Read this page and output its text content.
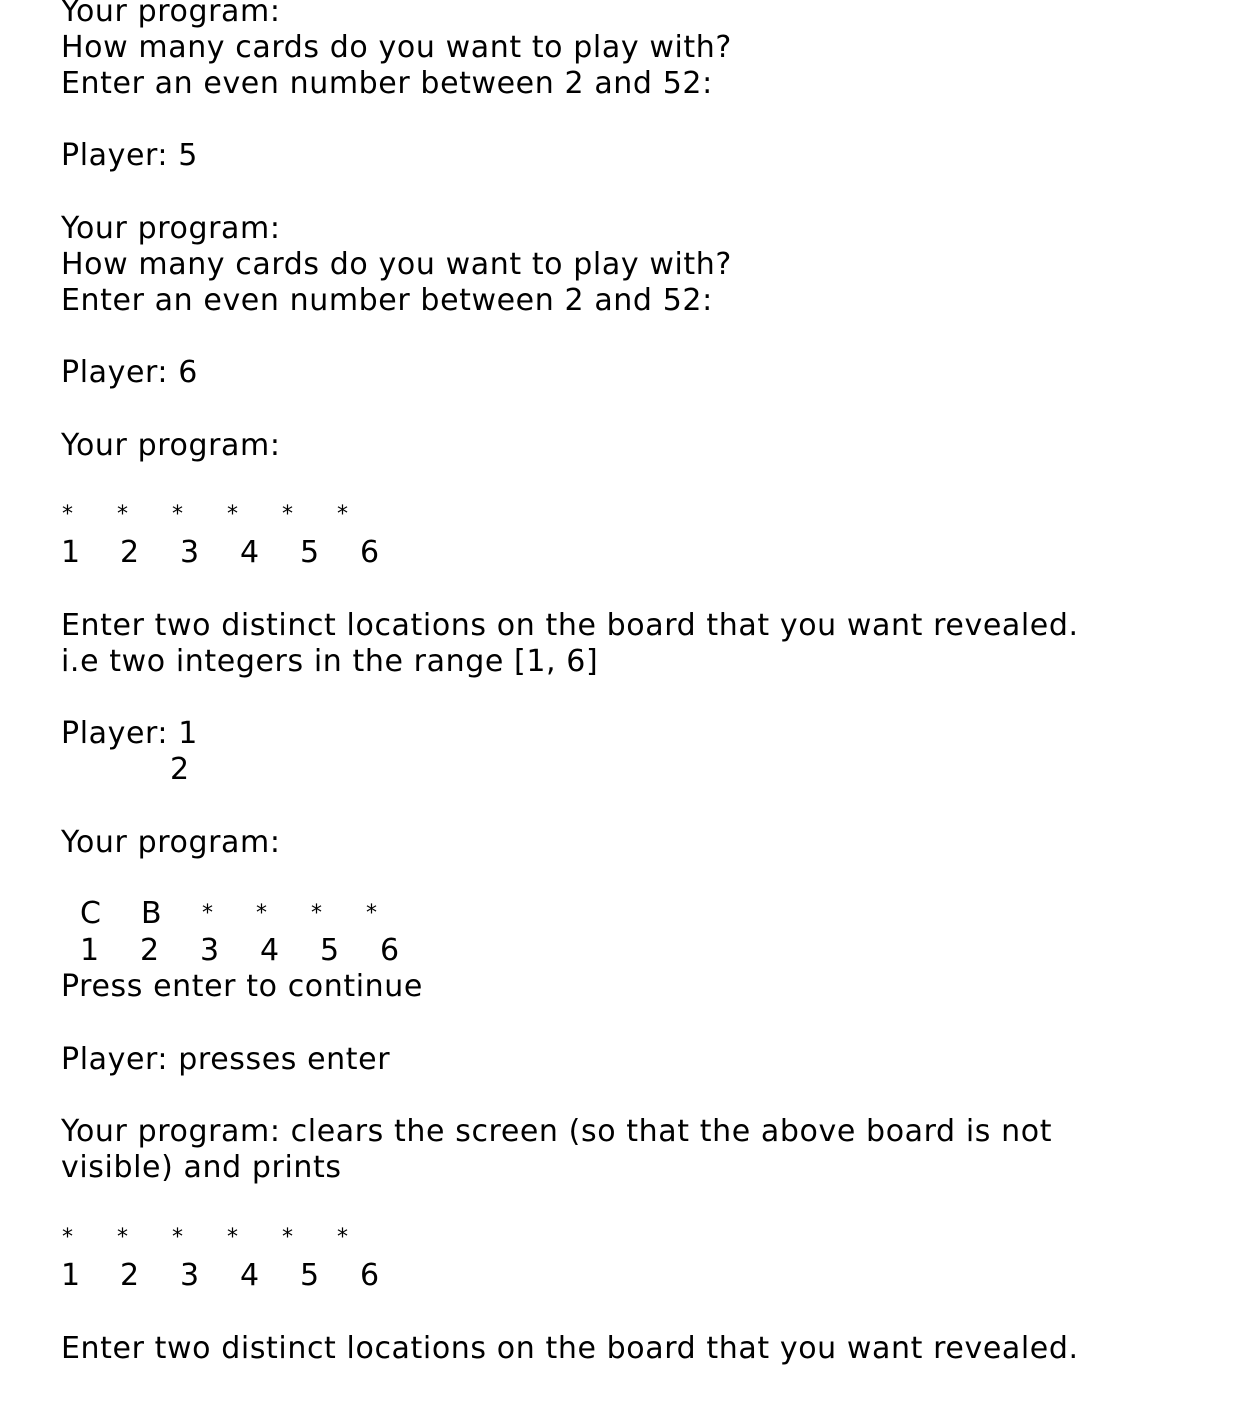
Your program:
How many cards do you want to play with?
Enter an even number between 2 and 52:
Player: 5
Your program:
How many cards do you want to play with?
Enter an even number between 2 and 52:
Player: 6
Your program:
* * * * * *
1 2 3 4 5 6
Enter two distinct locations on the board that you want revealed.
i.e two integers in the range [1, 6]
Player: 1
2
Your program:
C B * * * *
1 2 3 4 5 6
Press enter to continue
Player: presses enter
Your program: clears the screen (so that the above board is not
visible) and prints
* * * * * *
1 2 3 4 5 6
Enter two distinct locations on the board that you want revealed.
